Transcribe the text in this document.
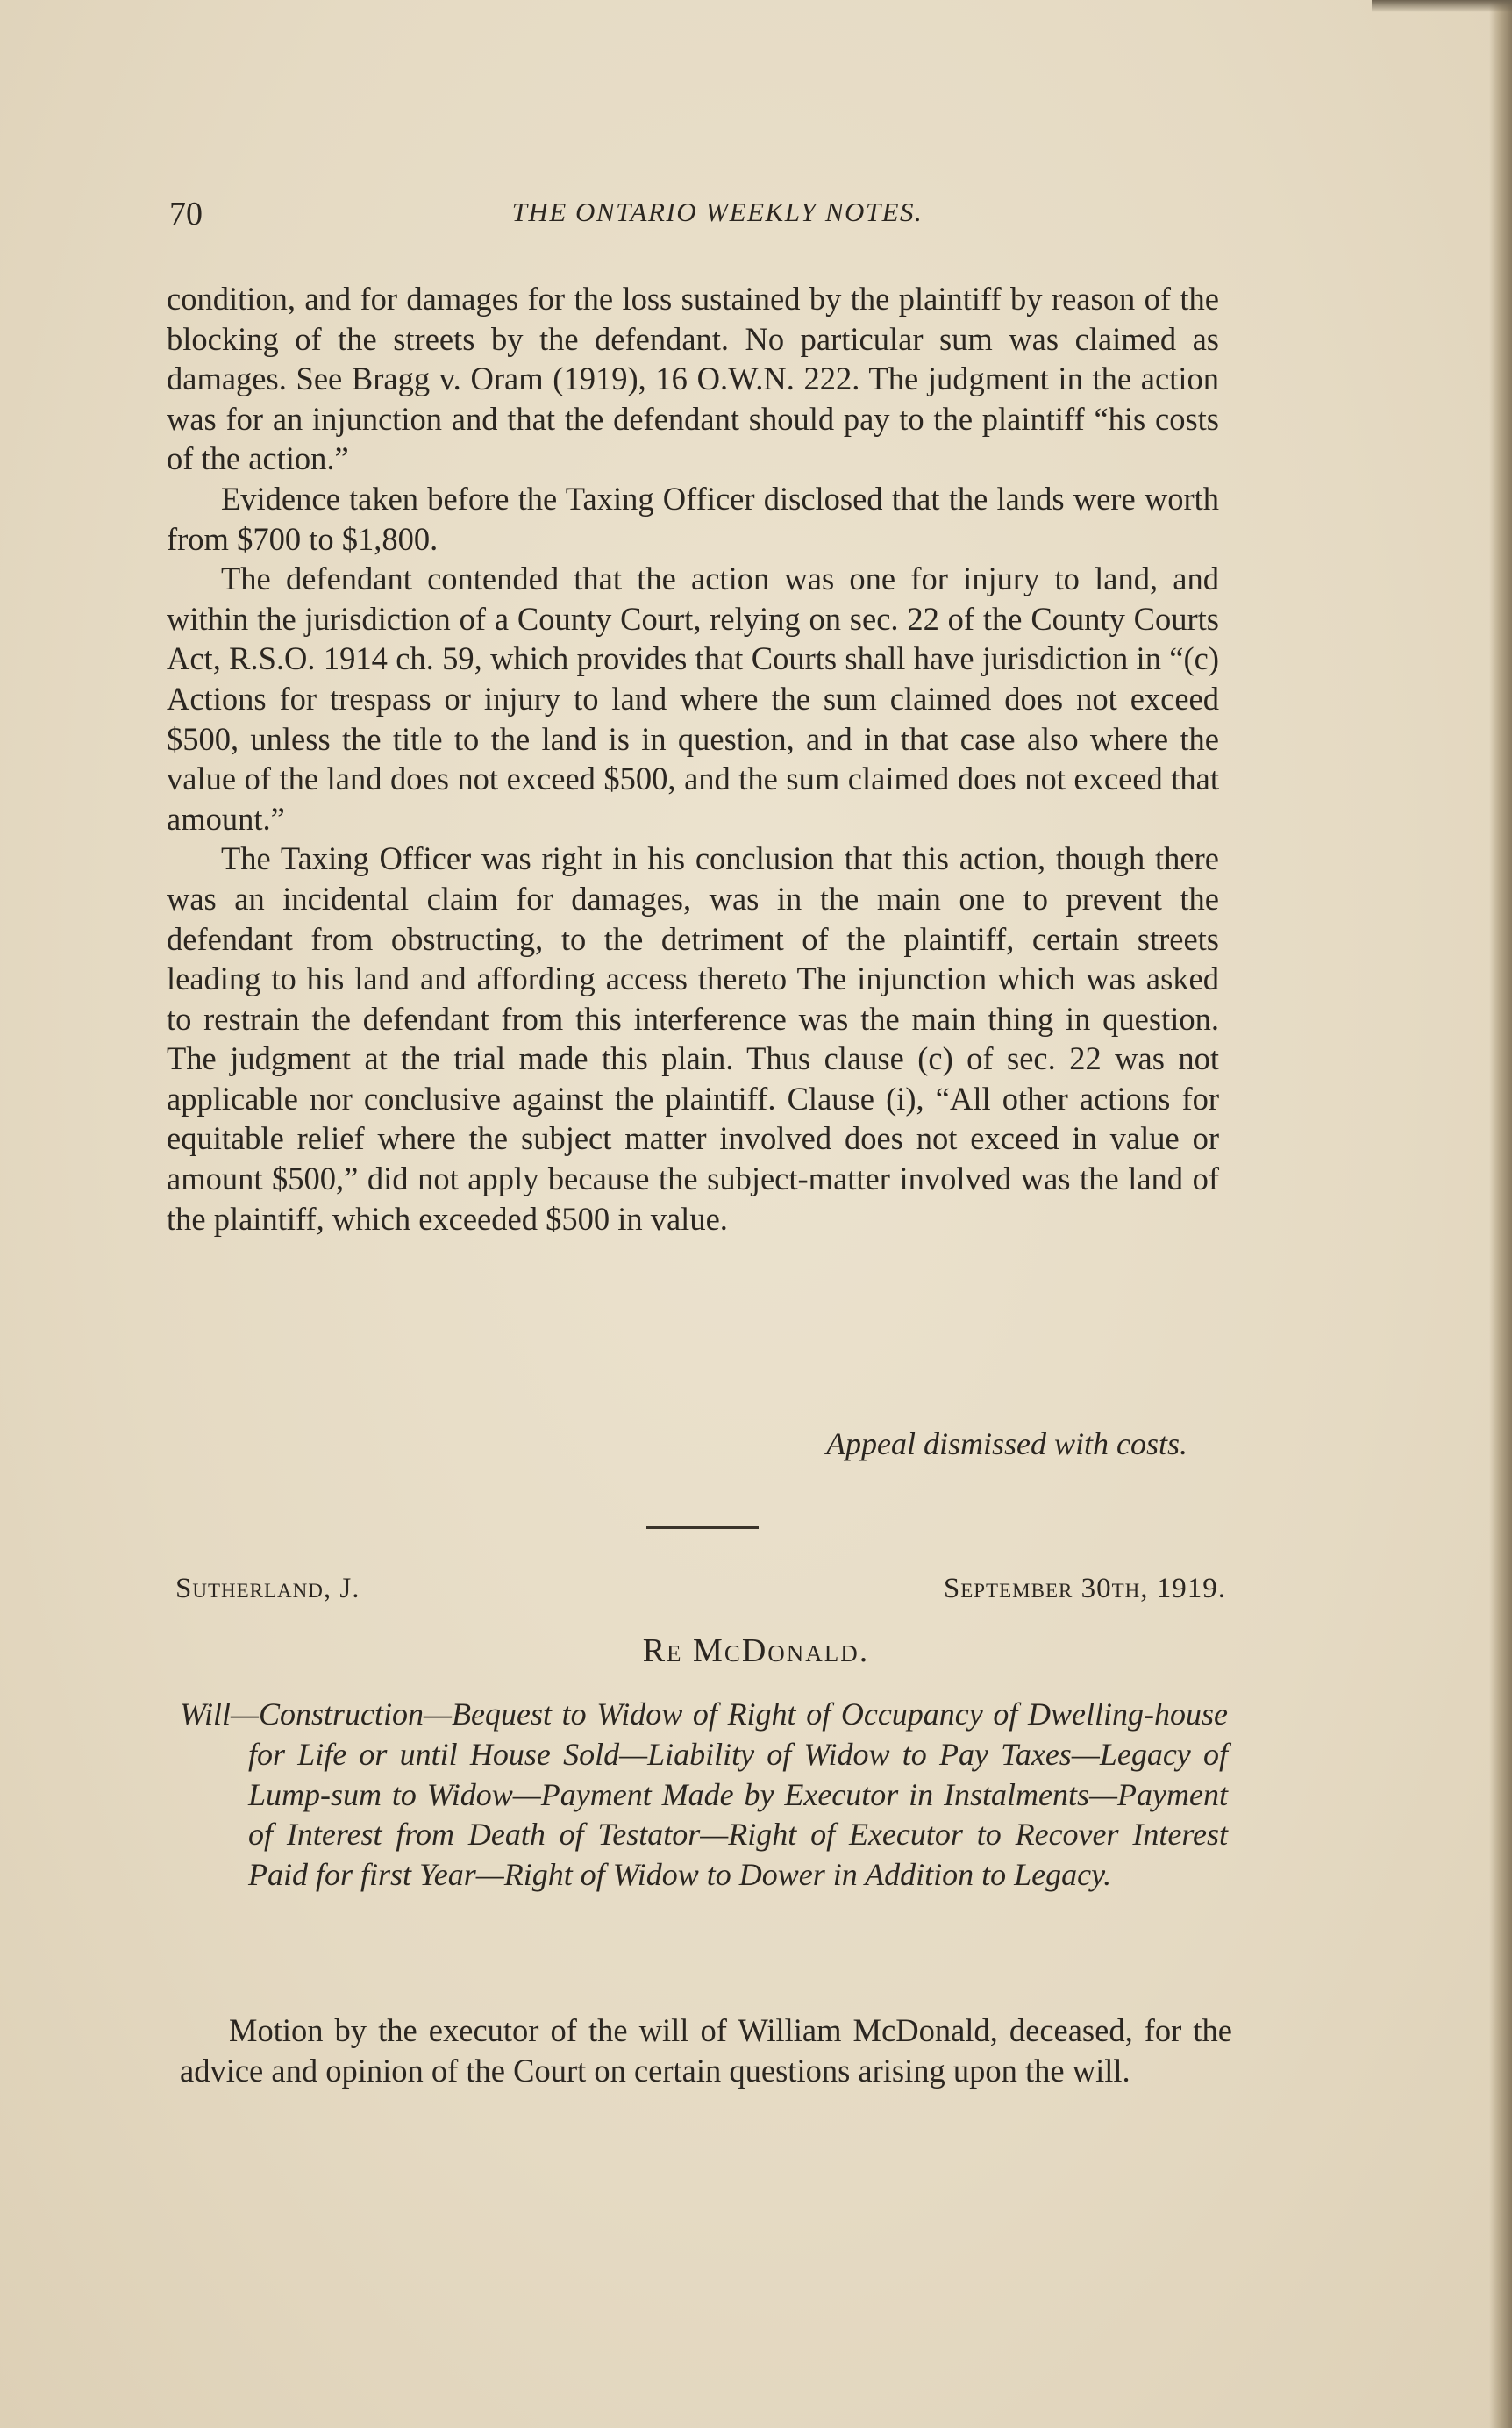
70	THE ONTARIO WEEKLY NOTES.

condition, and for damages for the loss sustained by the plaintiff by reason of the blocking of the streets by the defendant. No particular sum was claimed as damages. See Bragg v. Oram (1919), 16 O.W.N. 222. The judgment in the action was for an injunction and that the defendant should pay to the plaintiff “his costs of the action.”

Evidence taken before the Taxing Officer disclosed that the lands were worth from $700 to $1,800.

The defendant contended that the action was one for injury to land, and within the jurisdiction of a County Court, relying on sec. 22 of the County Courts Act, R.S.O. 1914 ch. 59, which provides that Courts shall have jurisdiction in “(c) Actions for trespass or injury to land where the sum claimed does not exceed $500, unless the title to the land is in question, and in that case also where the value of the land does not exceed $500, and the sum claimed does not exceed that amount.”

The Taxing Officer was right in his conclusion that this action, though there was an incidental claim for damages, was in the main one to prevent the defendant from obstructing, to the detriment of the plaintiff, certain streets leading to his land and affording access thereto The injunction which was asked to restrain the defendant from this interference was the main thing in question. The judgment at the trial made this plain. Thus clause (c) of sec. 22 was not applicable nor conclusive against the plaintiff. Clause (i), “All other actions for equitable relief where the subject matter involved does not exceed in value or amount $500,” did not apply because the subject-matter involved was the land of the plaintiff, which exceeded $500 in value.

Appeal dismissed with costs.
Sutherland, J.	September 30th, 1919.
Re McDonald.
Will—Construction—Bequest to Widow of Right of Occupancy of Dwelling-house for Life or until House Sold—Liability of Widow to Pay Taxes—Legacy of Lump-sum to Widow—Payment Made by Executor in Instalments—Payment of Interest from Death of Testator—Right of Executor to Recover Interest Paid for first Year—Right of Widow to Dower in Addition to Legacy.
Motion by the executor of the will of William McDonald, deceased, for the advice and opinion of the Court on certain questions arising upon the will.
